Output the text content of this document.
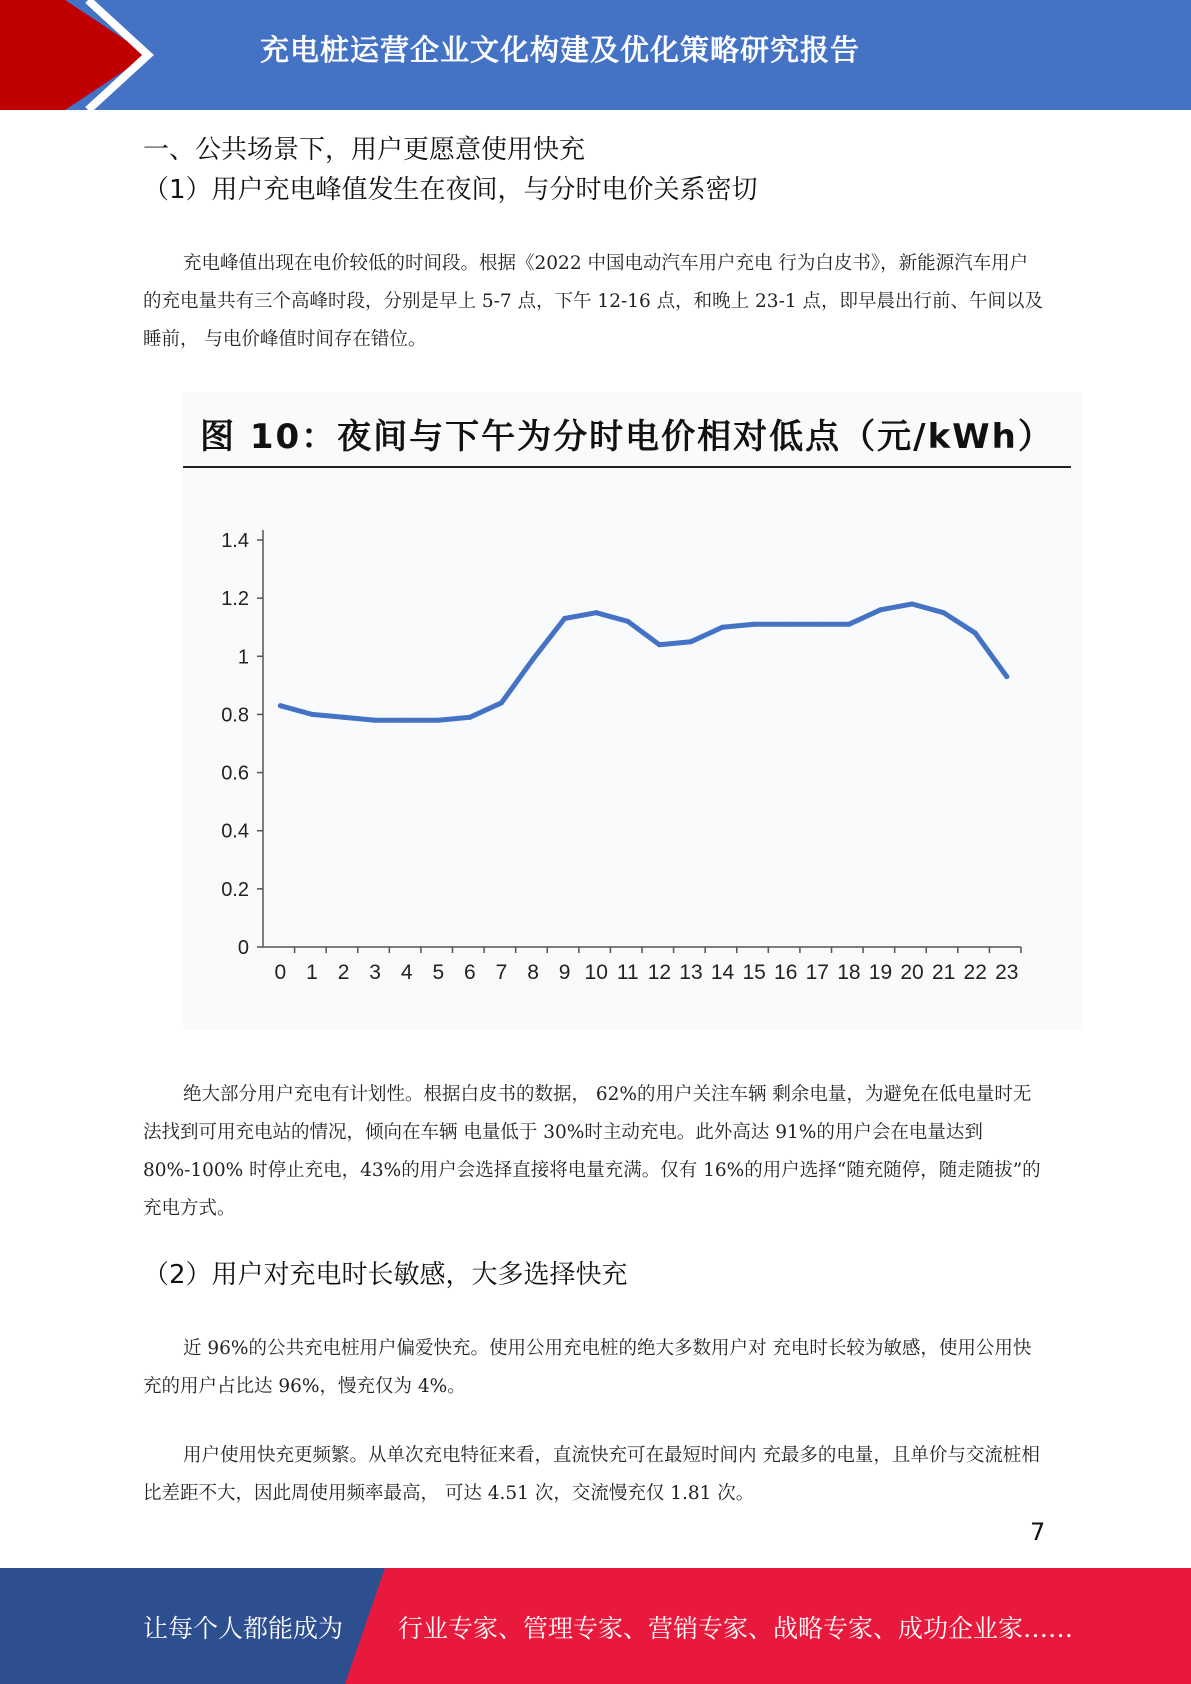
充电桩运营企业文化构建及优化策略研究报告
一、公共场景下，用户更愿意使用快充
（1）用户充电峰值发生在夜间，与分时电价关系密切

充电峰值出现在电价较低的时间段。根据《2022 中国电动汽车用户充电 行为白皮书》，新能源汽车用户的充电量共有三个高峰时段，分别是早上 5-7 点，下午 12-16 点，和晚上 23-1 点，即早晨出行前、午间以及睡前， 与电价峰值时间存在错位。

图 10：夜间与下午为分时电价相对低点（元/kWh）
0
0.2
0.4
0.6
0.8
1
1.2
1.4
0 1 2 3 4 5 6 7 8 9 10 11 12 13 14 15 16 17 18 19 20 21 22 23

绝大部分用户充电有计划性。根据白皮书的数据， 62%的用户关注车辆 剩余电量，为避免在低电量时无法找到可用充电站的情况，倾向在车辆 电量低于 30%时主动充电。此外高达 91%的用户会在电量达到 80%-100% 时停止充电，43%的用户会选择直接将电量充满。仅有 16%的用户选择“随充随停，随走随拔”的充电方式。

（2）用户对充电时长敏感，大多选择快充

近 96%的公共充电桩用户偏爱快充。使用公用充电桩的绝大多数用户对 充电时长较为敏感，使用公用快充的用户占比达 96%，慢充仅为 4%。

用户使用快充更频繁。从单次充电特征来看，直流快充可在最短时间内 充最多的电量，且单价与交流桩相比差距不大，因此周使用频率最高， 可达 4.51 次，交流慢充仅 1.81 次。

7
让每个人都能成为 行业专家、管理专家、营销专家、战略专家、成功企业家……
